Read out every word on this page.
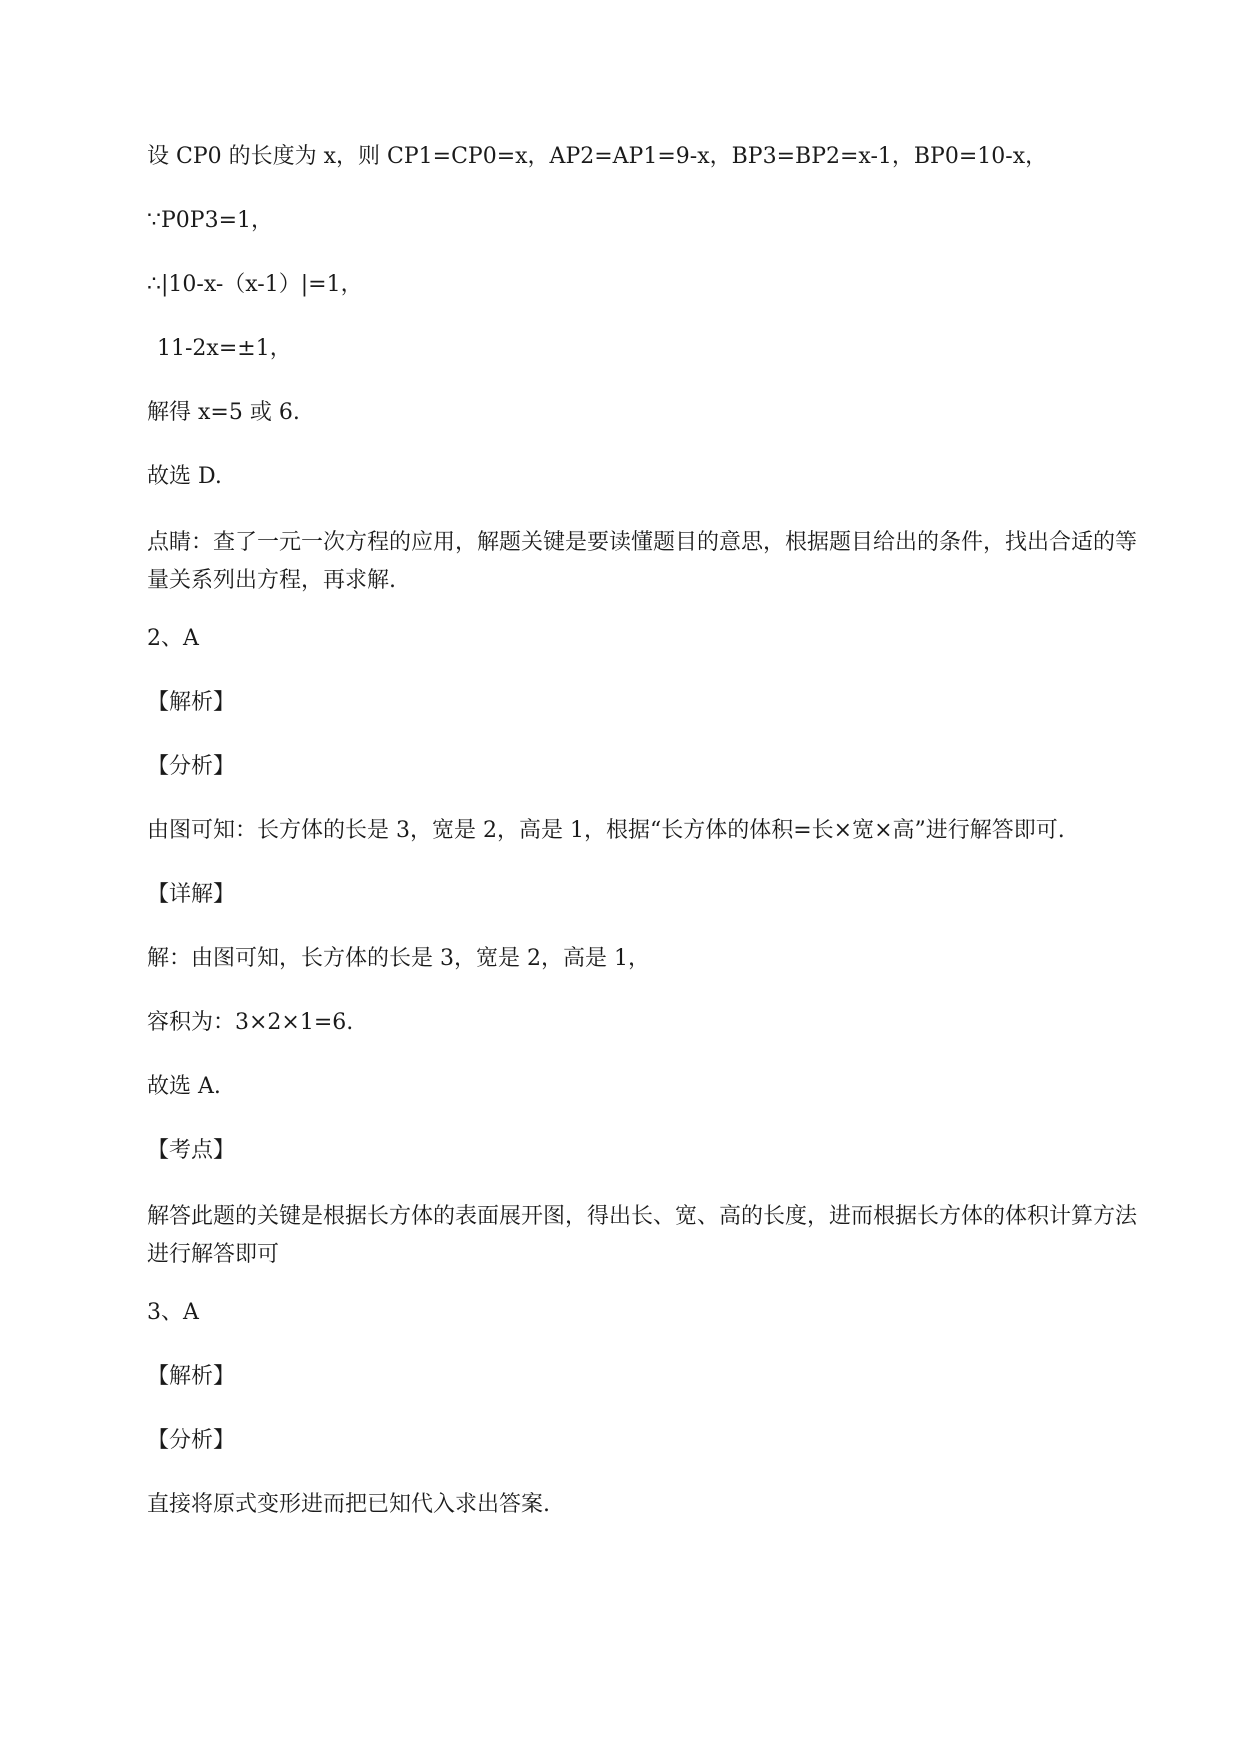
设 CP0 的长度为 x，则 CP1=CP0=x，AP2=AP1=9-x，BP3=BP2=x-1，BP0=10-x，

∵P0P3=1，

∴|10-x-（x-1）|=1，

11-2x=±1，

解得 x=5 或 6.

故选 D.

点睛：查了一元一次方程的应用，解题关键是要读懂题目的意思，根据题目给出的条件，找出合适的等量关系列出方程，再求解.

2、A

【解析】

【分析】

由图可知：长方体的长是 3，宽是 2，高是 1，根据“长方体的体积=长×宽×高”进行解答即可.

【详解】

解：由图可知，长方体的长是 3，宽是 2，高是 1，

容积为：3×2×1=6.

故选 A.

【考点】

解答此题的关键是根据长方体的表面展开图，得出长、宽、高的长度，进而根据长方体的体积计算方法进行解答即可

3、A

【解析】

【分析】

直接将原式变形进而把已知代入求出答案.
